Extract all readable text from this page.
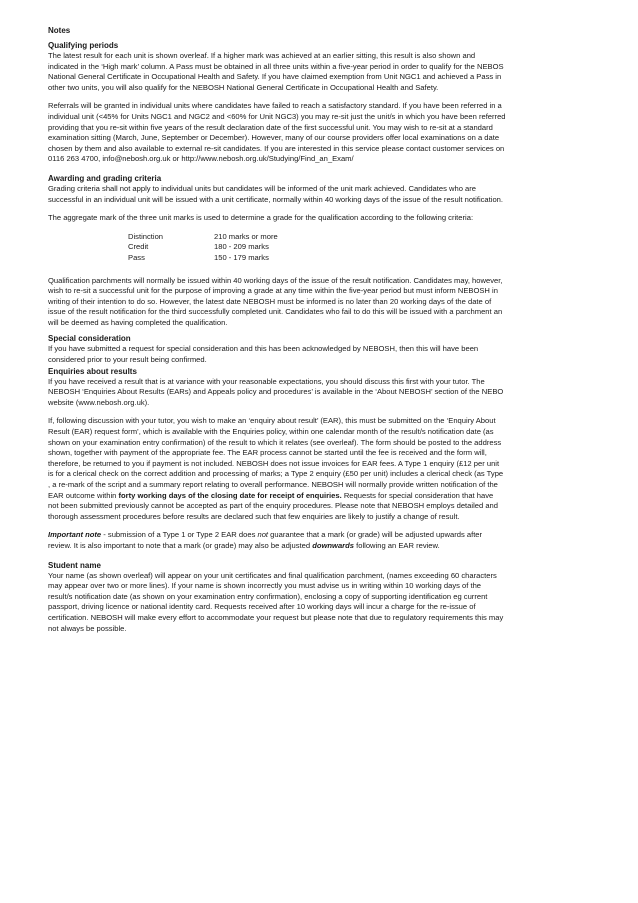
Notes

Qualifying periods

The latest result for each unit is shown overleaf. If a higher mark was achieved at an earlier sitting, this result is also shown and

indicated in the ‘High mark’ column. A Pass must be obtained in all three units within a five-year period in order to qualify for the NEBOS

National General Certificate in Occupational Health and Safety. If you have claimed exemption from Unit NGC1 and achieved a Pass in

other two units, you will also qualify for the NEBOSH National General Certificate in Occupational Health and Safety.

Referrals will be granted in individual units where candidates have failed to reach a satisfactory standard. If you have been referred in a

individual unit (<45% for Units NGC1 and NGC2 and <60% for Unit NGC3) you may re-sit just the unit/s in which you have been referred

providing that you re-sit within five years of the result declaration date of the first successful unit. You may wish to re-sit at a standard

examination sitting (March, June, September or December). However, many of our course providers offer local examinations on a date

chosen by them and also available to external re-sit candidates. If you are interested in this service please contact customer services on

0116 263 4700, info@nebosh.org.uk or http://www.nebosh.org.uk/Studying/Find_an_Exam/

Awarding and grading criteria

Grading criteria shall not apply to individual units but candidates will be informed of the unit mark achieved. Candidates who are

successful in an individual unit will be issued with a unit certificate, normally within 40 working days of the issue of the result notification.

The aggregate mark of the three unit marks is used to determine a grade for the qualification according to the following criteria:

Distinction	210 marks or more
Credit	180 - 209 marks
Pass	150 - 179 marks

Qualification parchments will normally be issued within 40 working days of the issue of the result notification. Candidates may, however,

wish to re-sit a successful unit for the purpose of improving a grade at any time within the five-year period but must inform NEBOSH in

writing of their intention to do so. However, the latest date NEBOSH must be informed is no later than 20 working days of the date of

issue of the result notification for the third successfully completed unit. Candidates who fail to do this will be issued with a parchment an

will be deemed as having completed the qualification.

Special consideration

If you have submitted a request for special consideration and this has been acknowledged by NEBOSH, then this will have been

considered prior to your result being confirmed.

Enquiries about results

If you have received a result that is at variance with your reasonable expectations, you should discuss this first with your tutor. The

NEBOSH ‘Enquiries About Results (EARs) and Appeals policy and procedures’ is available in the ‘About NEBOSH’ section of the NEBO

website (www.nebosh.org.uk).

If, following discussion with your tutor, you wish to make an ‘enquiry about result’ (EAR), this must be submitted on the ‘Enquiry About

Result (EAR) request form’, which is available with the Enquiries policy, within one calendar month of the result/s notification date (as

shown on your examination entry confirmation) of the result to which it relates (see overleaf). The form should be posted to the address

shown, together with payment of the appropriate fee. The EAR process cannot be started until the fee is received and the form will,

therefore, be returned to you if payment is not included. NEBOSH does not issue invoices for EAR fees. A Type 1 enquiry (£12 per unit

is for a clerical check on the correct addition and processing of marks; a Type 2 enquiry (£50 per unit) includes a clerical check (as Type

, a re-mark of the script and a summary report relating to overall performance. NEBOSH will normally provide written notification of the

EAR outcome within forty working days of the closing date for receipt of enquiries. Requests for special consideration that have

not been submitted previously cannot be accepted as part of the enquiry procedures. Please note that NEBOSH employs detailed and

thorough assessment procedures before results are declared such that few enquiries are likely to justify a change of result.

Important note - submission of a Type 1 or Type 2 EAR does not guarantee that a mark (or grade) will be adjusted upwards after

review. It is also important to note that a mark (or grade) may also be adjusted downwards following an EAR review.

Student name

Your name (as shown overleaf) will appear on your unit certificates and final qualification parchment, (names exceeding 60 characters

may appear over two or more lines). If your name is shown incorrectly you must advise us in writing within 10 working days of the

result/s notification date (as shown on your examination entry confirmation), enclosing a copy of supporting identification eg current

passport, driving licence or national identity card. Requests received after 10 working days will incur a charge for the re-issue of

certification. NEBOSH will make every effort to accommodate your request but please note that due to regulatory requirements this may

not always be possible.
